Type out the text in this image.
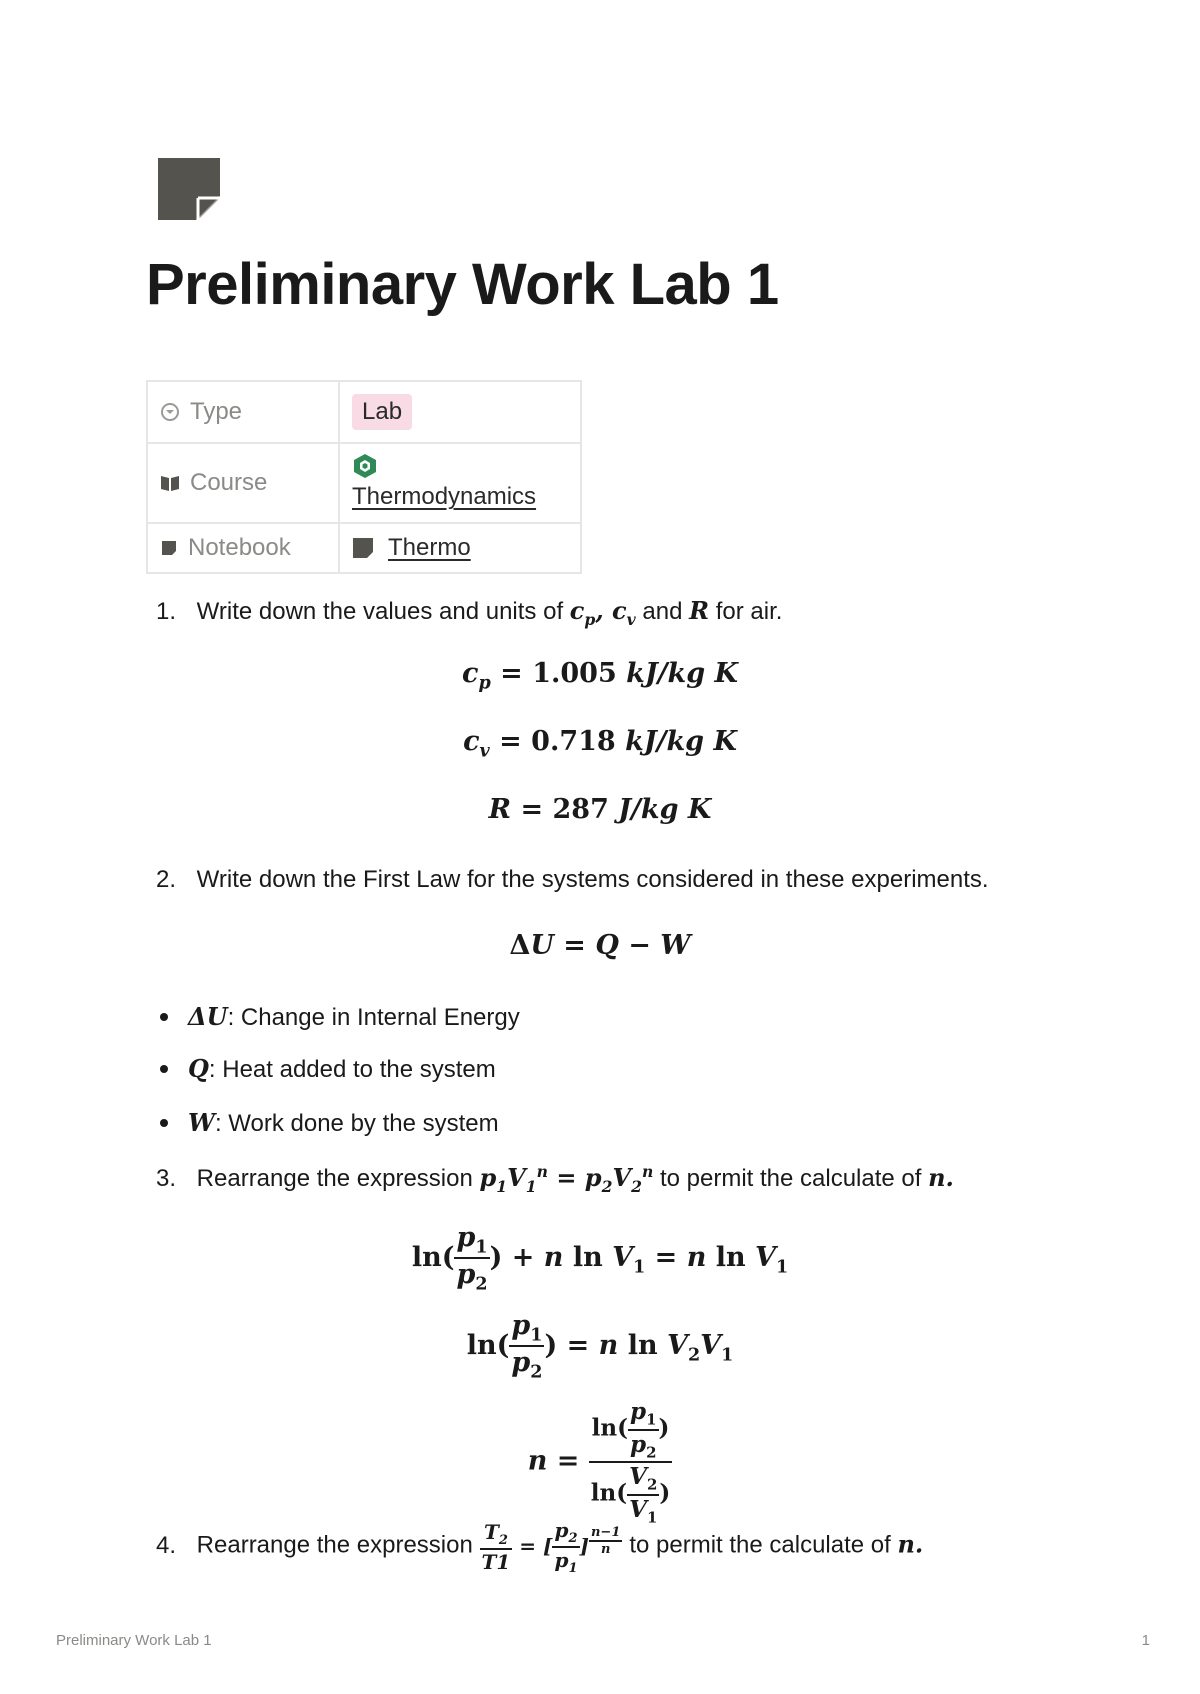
Preliminary Work Lab 1
Type	Lab

Course	Thermodynamics

Notebook	Thermo
1. Write down the values and units of $c_p$, $c_v$ and R for air.
$c_p = 1.005$ kJ/kg K
$c_v = 0.718$ kJ/kg K
R = 287 J/kg K
2. Write down the First Law for the systems considered in these experiments.
ΔU = Q − W
ΔU: Change in Internal Energy
Q: Heat added to the system
W: Work done by the system
3. Rearrange the expression $p_1V_1^n = p_2V_2^n$ to permit the calculate of n.
$\ln( \frac{p_1}{p_2}$ ) + n $\ln V_1 = n$ $\ln V_1$
$\ln( \frac{p_1}{p_2}$ ) = n $\ln V_2V_1$
$n = \frac{\ln( \frac{p_1}{p_2} )}{\ln( \frac{V_2}{V_1} )}$
4. Rearrange the expression $\frac{T_2}{T1}$ = [ $\frac{p_2}{p_1}$ ] $^{\frac{n-1}{n}}$ to permit the calculate of n.
Preliminary Work Lab 1	1
